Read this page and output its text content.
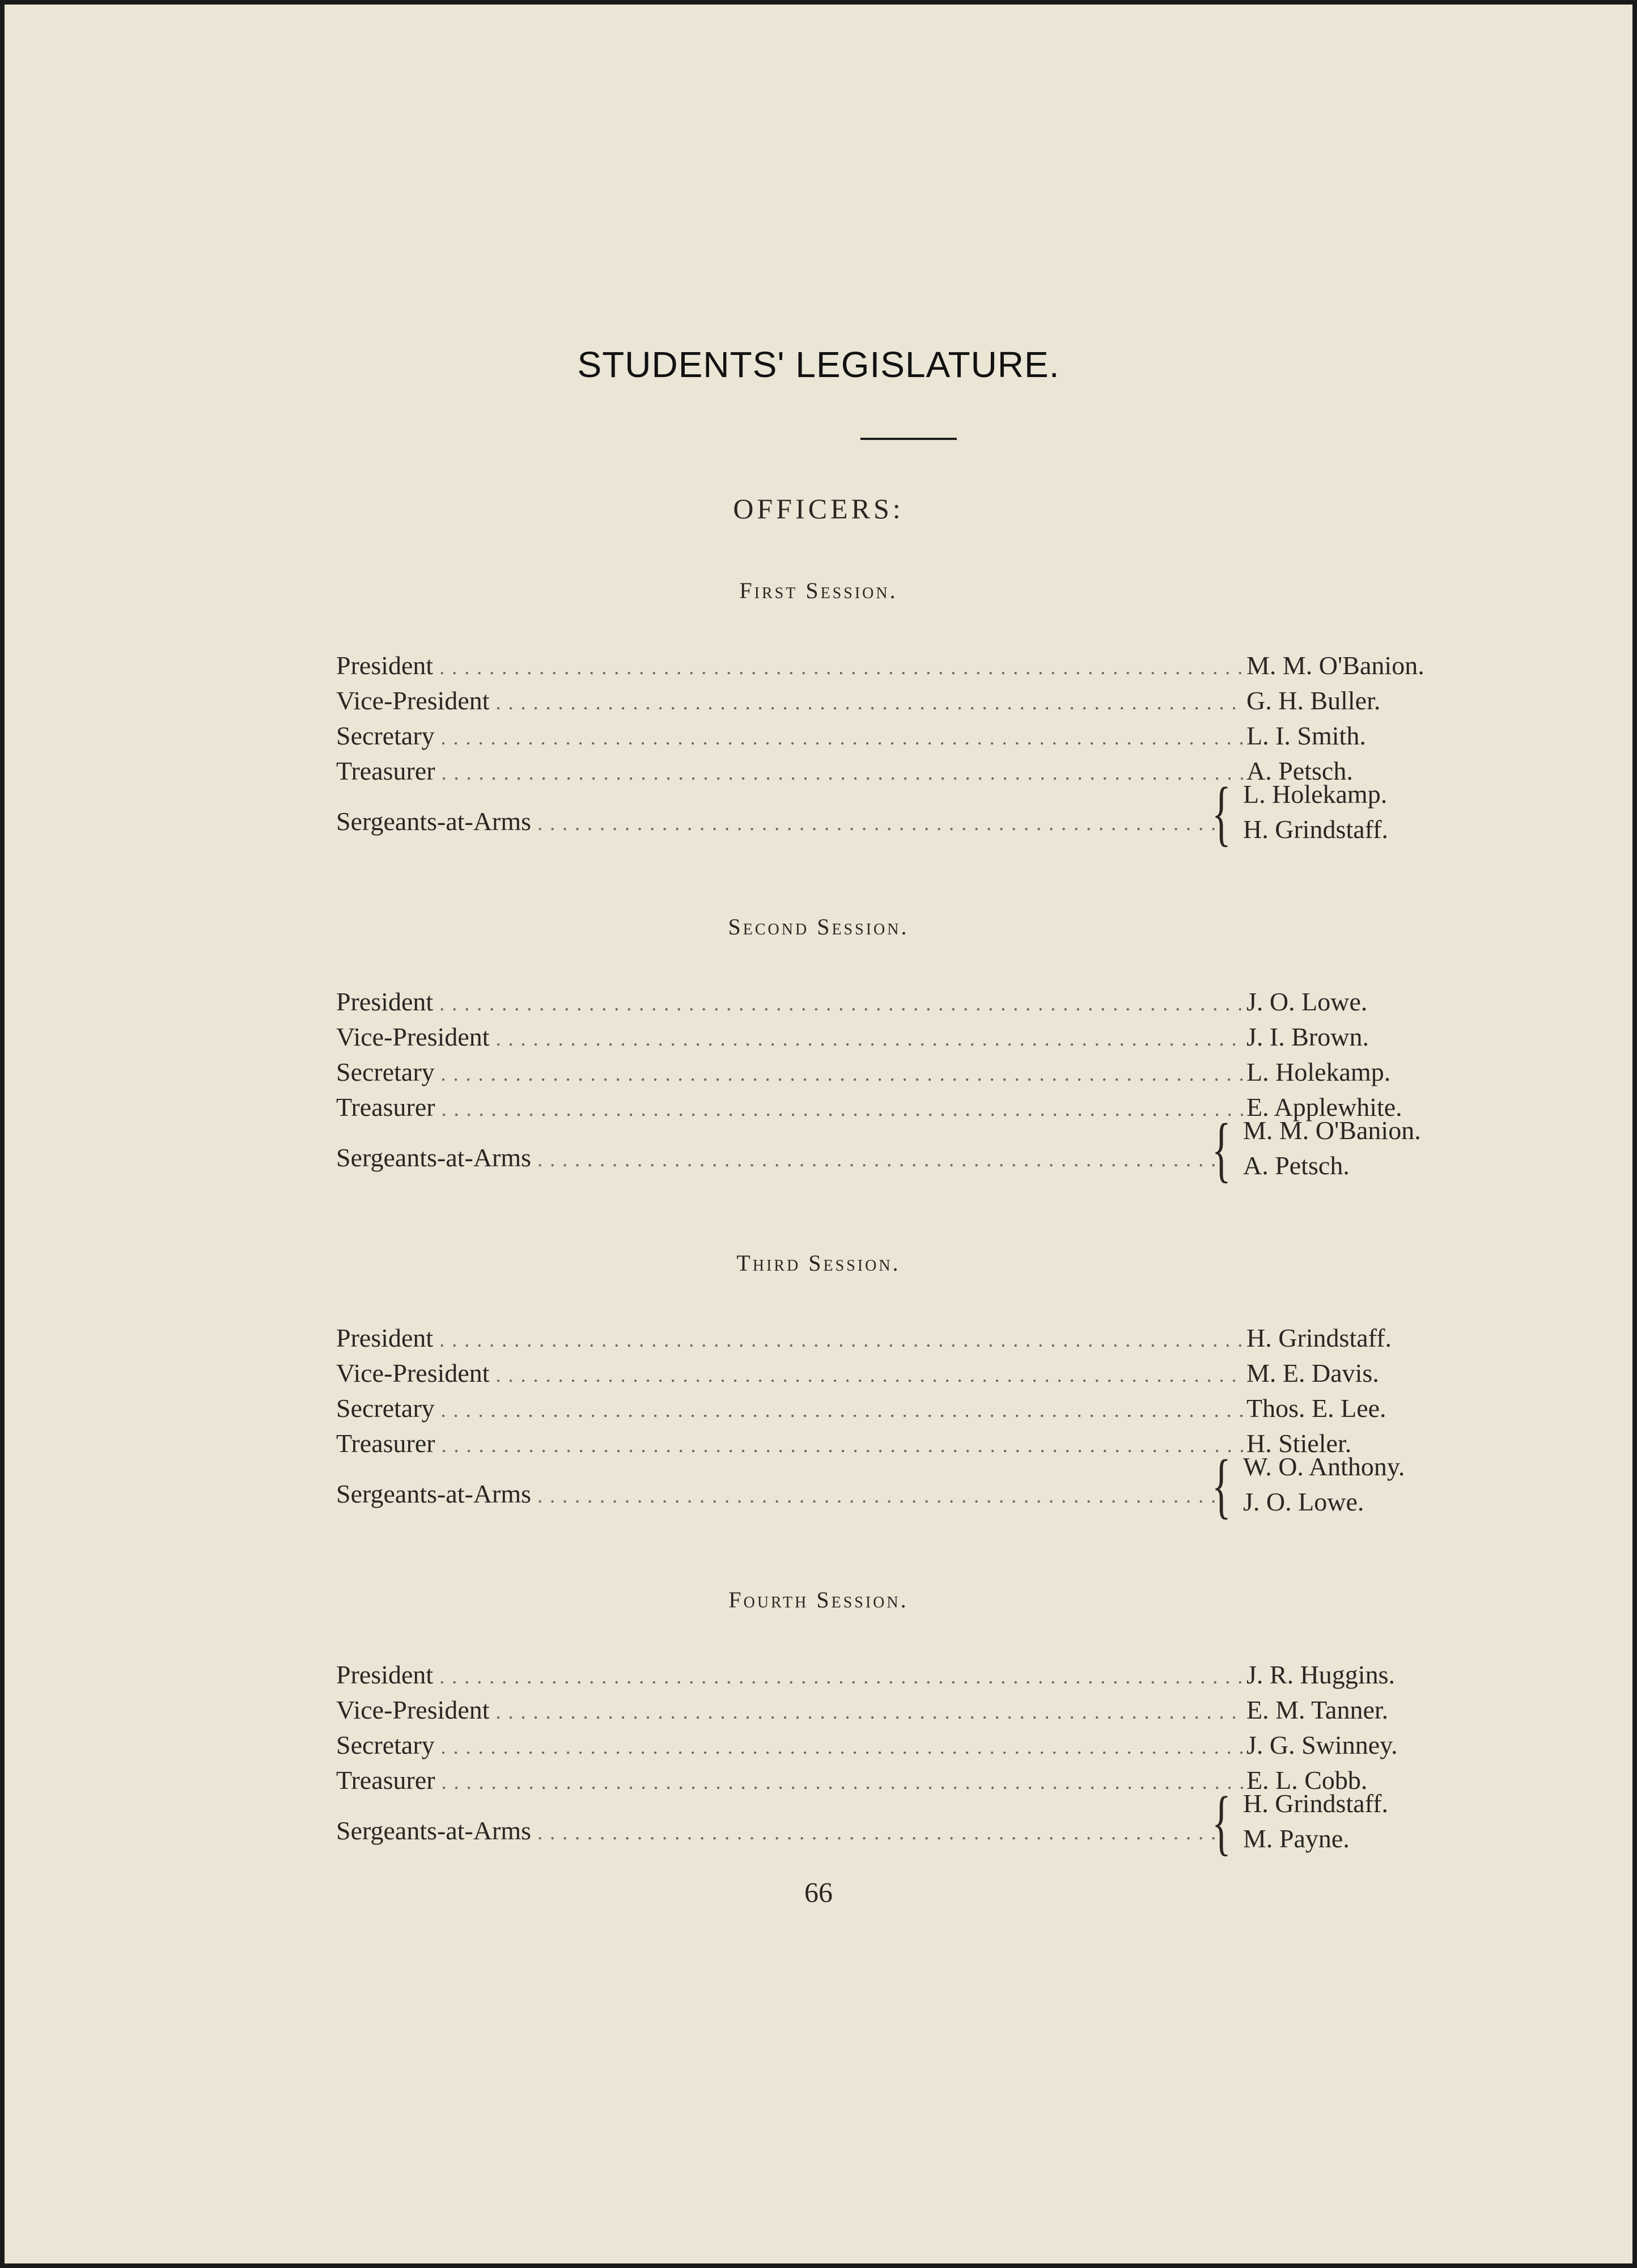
STUDENTS' LEGISLATURE.
OFFICERS:
First Session.
President . . .	M. M. O'Banion.
Vice-President . . .	G. H. Buller.
Secretary . . .	L. I. Smith.
Treasurer . . .	A. Petsch.
Sergeants-at-Arms . . .	{ L. Holekamp.
H. Grindstaff.
Second Session.
President . . .	J. O. Lowe.
Vice-President . . .	J. I. Brown.
Secretary . . .	L. Holekamp.
Treasurer . . .	E. Applewhite.
Sergeants-at-Arms . . .	{ M. M. O'Banion.
A. Petsch.
Third Session.
President . . .	H. Grindstaff.
Vice-President . . .	M. E. Davis.
Secretary . . .	Thos. E. Lee.
Treasurer . . .	H. Stieler.
Sergeants-at-Arms . . .	{ W. O. Anthony.
J. O. Lowe.
Fourth Session.
President . . .	J. R. Huggins.
Vice-President . . .	E. M. Tanner.
Secretary . . .	J. G. Swinney.
Treasurer . . .	E. L. Cobb.
Sergeants-at-Arms . . .	{ H. Grindstaff.
M. Payne.
66
